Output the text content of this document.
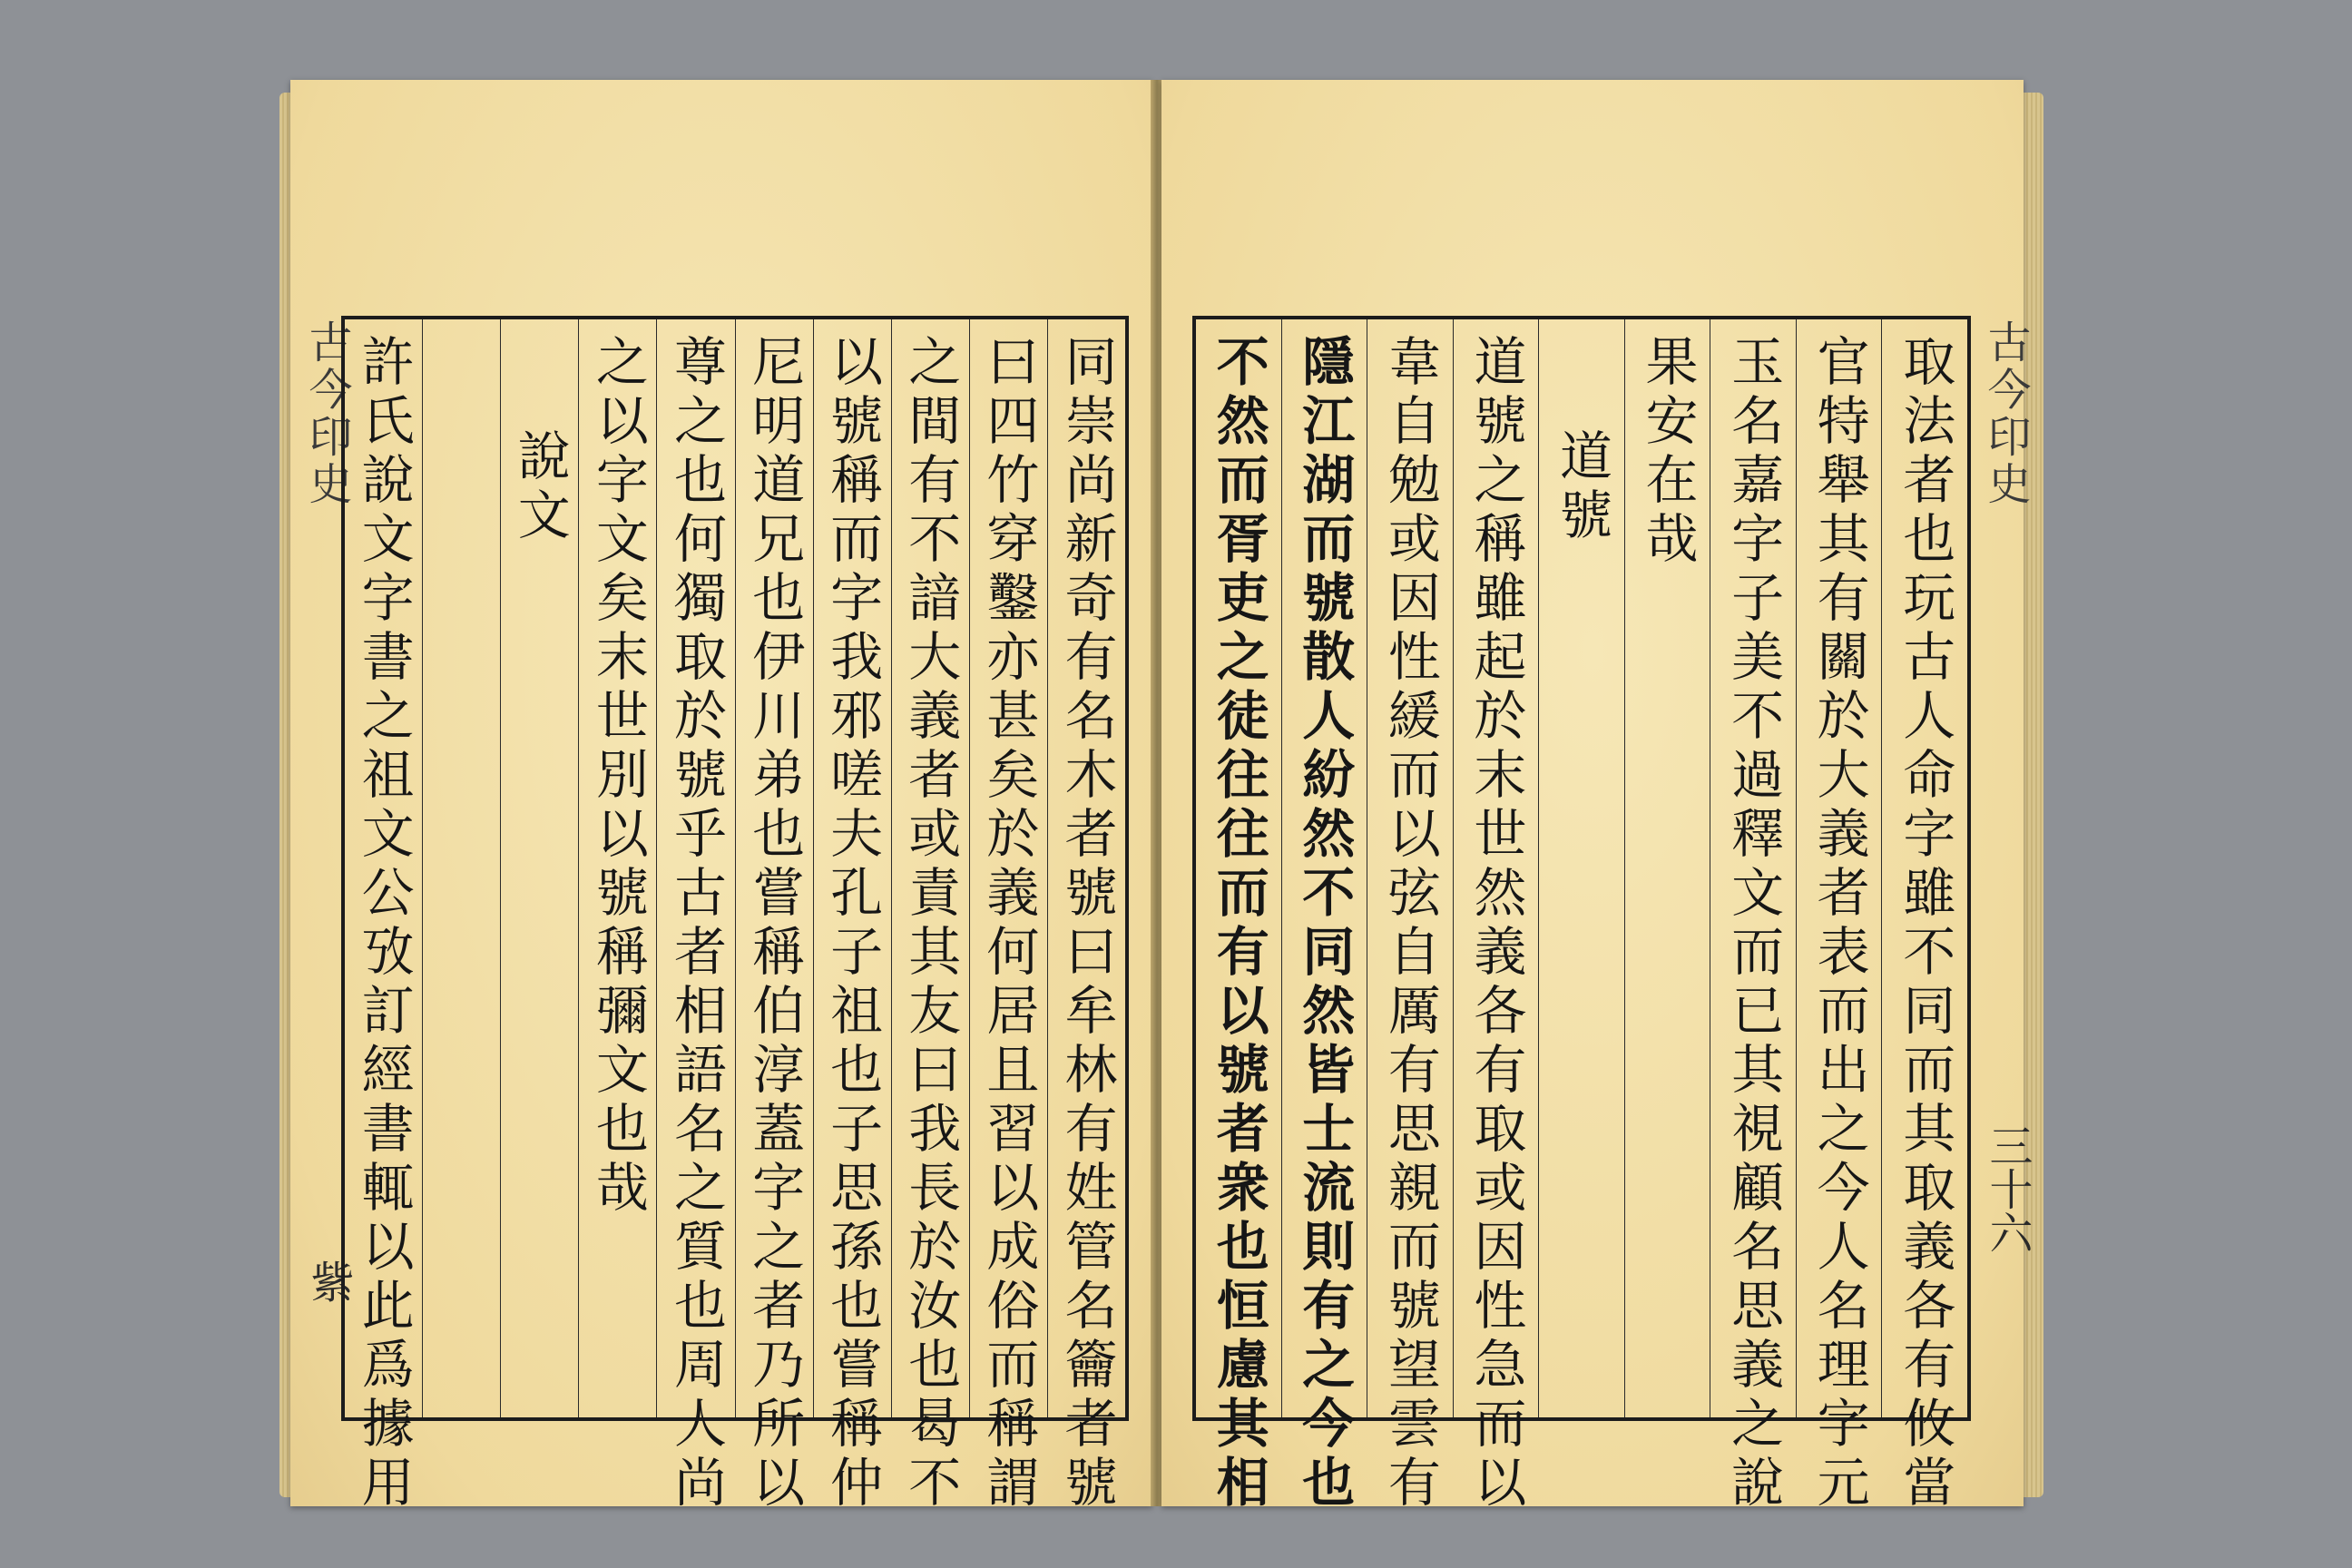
古今印史
紫	同崇尚新奇有名木者號曰牟林有姓管名籥者號
曰四竹穿鑿亦甚矣於義何居且習以成俗而稱謂
之間有不諳大義者或責其友曰我長於汝也曷不
以號稱而字我邪嗟夫孔子祖也子思孫也嘗稱仲
尼明道兄也伊川弟也嘗稱伯淳蓋字之者乃所以
尊之也何獨取於號乎古者相語名之質也周人尚
之以字文矣末世別以號稱彌文也哉
說文
許氏說文字書之祖文公攷訂經書輒以此爲據用	古今印史
三十六
取法者也玩古人命字雖不同而其取義各有攸當
官特舉其有關於大義者表而出之今人名理字元
玉名嘉字子美不過釋文而已其視顧名思義之說
果安在哉
道號
道號之稱雖起於末世然義各有取或因性急而以
韋自勉或因性緩而以弦自厲有思親而號望雲有
隱江湖而號散人紛然不同然皆士流則有之今也
不然而胥吏之徒往往而有以號者衆也恒慮其相
